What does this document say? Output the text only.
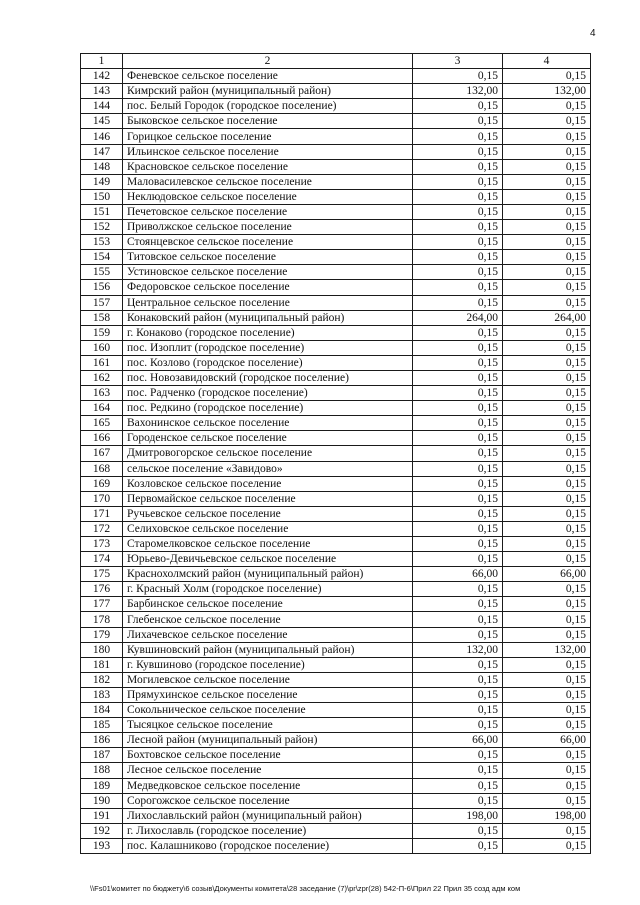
4
1	2	3	4
142	Феневское сельское поселение	0,15	0,15
143	Кимрский район (муниципальный район)	132,00	132,00
144	пос. Белый Городок (городское поселение)	0,15	0,15
145	Быковское сельское поселение	0,15	0,15
146	Горицкое сельское поселение	0,15	0,15
147	Ильинское сельское поселение	0,15	0,15
148	Красновское сельское поселение	0,15	0,15
149	Маловасилевское сельское поселение	0,15	0,15
150	Неклюдовское сельское поселение	0,15	0,15
151	Печетовское сельское поселение	0,15	0,15
152	Приволжское сельское поселение	0,15	0,15
153	Стоянцевское сельское поселение	0,15	0,15
154	Титовское сельское поселение	0,15	0,15
155	Устиновское сельское поселение	0,15	0,15
156	Федоровское сельское поселение	0,15	0,15
157	Центральное сельское поселение	0,15	0,15
158	Конаковский район (муниципальный район)	264,00	264,00
159	г. Конаково (городское поселение)	0,15	0,15
160	пос. Изоплит (городское поселение)	0,15	0,15
161	пос. Козлово (городское поселение)	0,15	0,15
162	пос. Новозавидовский (городское поселение)	0,15	0,15
163	пос. Радченко (городское поселение)	0,15	0,15
164	пос. Редкино (городское поселение)	0,15	0,15
165	Вахонинское сельское поселение	0,15	0,15
166	Городенское сельское поселение	0,15	0,15
167	Дмитровогорское сельское поселение	0,15	0,15
168	сельское поселение «Завидово»	0,15	0,15
169	Козловское сельское поселение	0,15	0,15
170	Первомайское сельское поселение	0,15	0,15
171	Ручьевское сельское поселение	0,15	0,15
172	Селиховское сельское поселение	0,15	0,15
173	Старомелковское сельское поселение	0,15	0,15
174	Юрьево-Девичьевское сельское поселение	0,15	0,15
175	Краснохолмский район (муниципальный район)	66,00	66,00
176	г. Красный Холм (городское поселение)	0,15	0,15
177	Барбинское сельское поселение	0,15	0,15
178	Глебенское сельское поселение	0,15	0,15
179	Лихачевское сельское поселение	0,15	0,15
180	Кувшиновский район (муниципальный район)	132,00	132,00
181	г. Кувшиново (городское поселение)	0,15	0,15
182	Могилевское сельское поселение	0,15	0,15
183	Прямухинское сельское поселение	0,15	0,15
184	Сокольническое сельское поселение	0,15	0,15
185	Тысяцкое сельское поселение	0,15	0,15
186	Лесной район (муниципальный район)	66,00	66,00
187	Бохтовское сельское поселение	0,15	0,15
188	Лесное сельское поселение	0,15	0,15
189	Медведковское сельское поселение	0,15	0,15
190	Сорогожское сельское поселение	0,15	0,15
191	Лихославльский район (муниципальный район)	198,00	198,00
192	г. Лихославль (городское поселение)	0,15	0,15
193	пос. Калашниково (городское поселение)	0,15	0,15
\\Fs01\комитет по бюджету\6 созыв\Документы комитета\28 заседание (7)\pr\zpr(28) 542-П-6\Прил 22 Прил 35 созд адм ком
